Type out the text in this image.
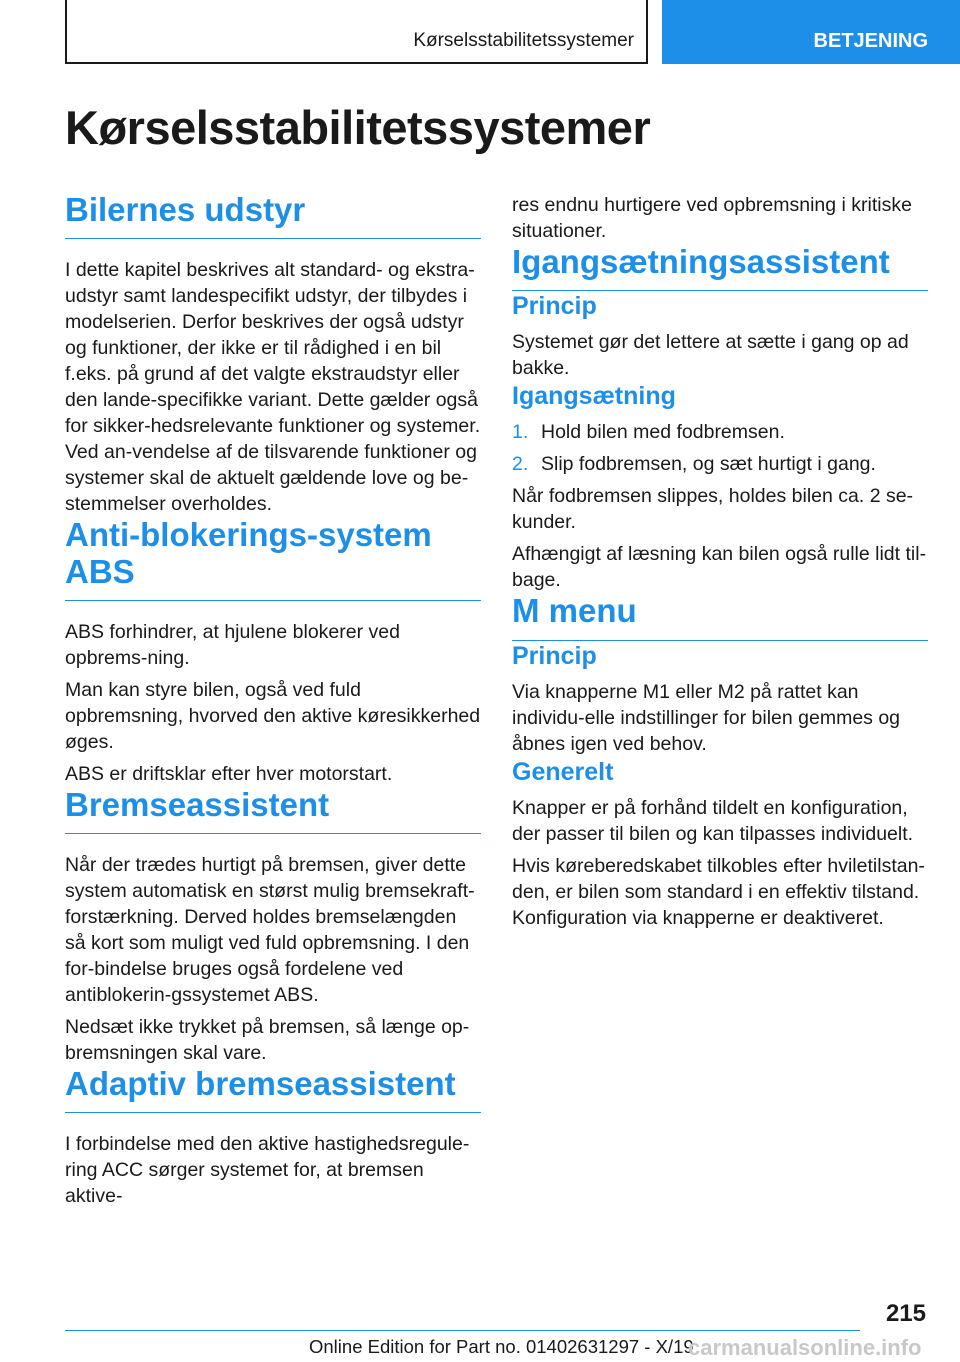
Kørselsstabilitetssystemer	BETJENING
Kørselsstabilitetssystemer
Bilernes udstyr

I dette kapitel beskrives alt standard- og ekstra-udstyr samt landespecifikt udstyr, der tilbydes i modelserien. Derfor beskrives der også udstyr og funktioner, der ikke er til rådighed i en bil f.eks. på grund af det valgte ekstraudstyr eller den lande-specifikke variant. Dette gælder også for sikker-hedsrelevante funktioner og systemer. Ved an-vendelse af de tilsvarende funktioner og systemer skal de aktuelt gældende love og be-stemmelser overholdes.

Anti-blokerings-system ABS

ABS forhindrer, at hjulene blokerer ved opbrems-ning.

Man kan styre bilen, også ved fuld opbremsning, hvorved den aktive køresikkerhed øges.

ABS er driftsklar efter hver motorstart.

Bremseassistent

Når der trædes hurtigt på bremsen, giver dette system automatisk en størst mulig bremsekraft-forstærkning. Derved holdes bremselængden så kort som muligt ved fuld opbremsning. I den for-bindelse bruges også fordelene ved antiblokerin-gssystemet ABS.

Nedsæt ikke trykket på bremsen, så længe op-bremsningen skal vare.

Adaptiv bremseassistent

I forbindelse med den aktive hastighedsregule-ring ACC sørger systemet for, at bremsen aktive-

res endnu hurtigere ved opbremsning i kritiske situationer.

Igangsætningsassistent
Princip

Systemet gør det lettere at sætte i gang op ad bakke.

Igangsætning
1. Hold bilen med fodbremsen.
2. Slip fodbremsen, og sæt hurtigt i gang.

Når fodbremsen slippes, holdes bilen ca. 2 se-kunder.

Afhængigt af læsning kan bilen også rulle lidt til-bage.

M menu
Princip

Via knapperne M1 eller M2 på rattet kan individu-elle indstillinger for bilen gemmes og åbnes igen ved behov.

Generelt

Knapper er på forhånd tildelt en konfiguration, der passer til bilen og kan tilpasses individuelt.

Hvis køreberedskabet tilkobles efter hviletilstan-den, er bilen som standard i en effektiv tilstand. Konfiguration via knapperne er deaktiveret.

215
Online Edition for Part no. 01402631297 - X/19
carmanualsonline.info
